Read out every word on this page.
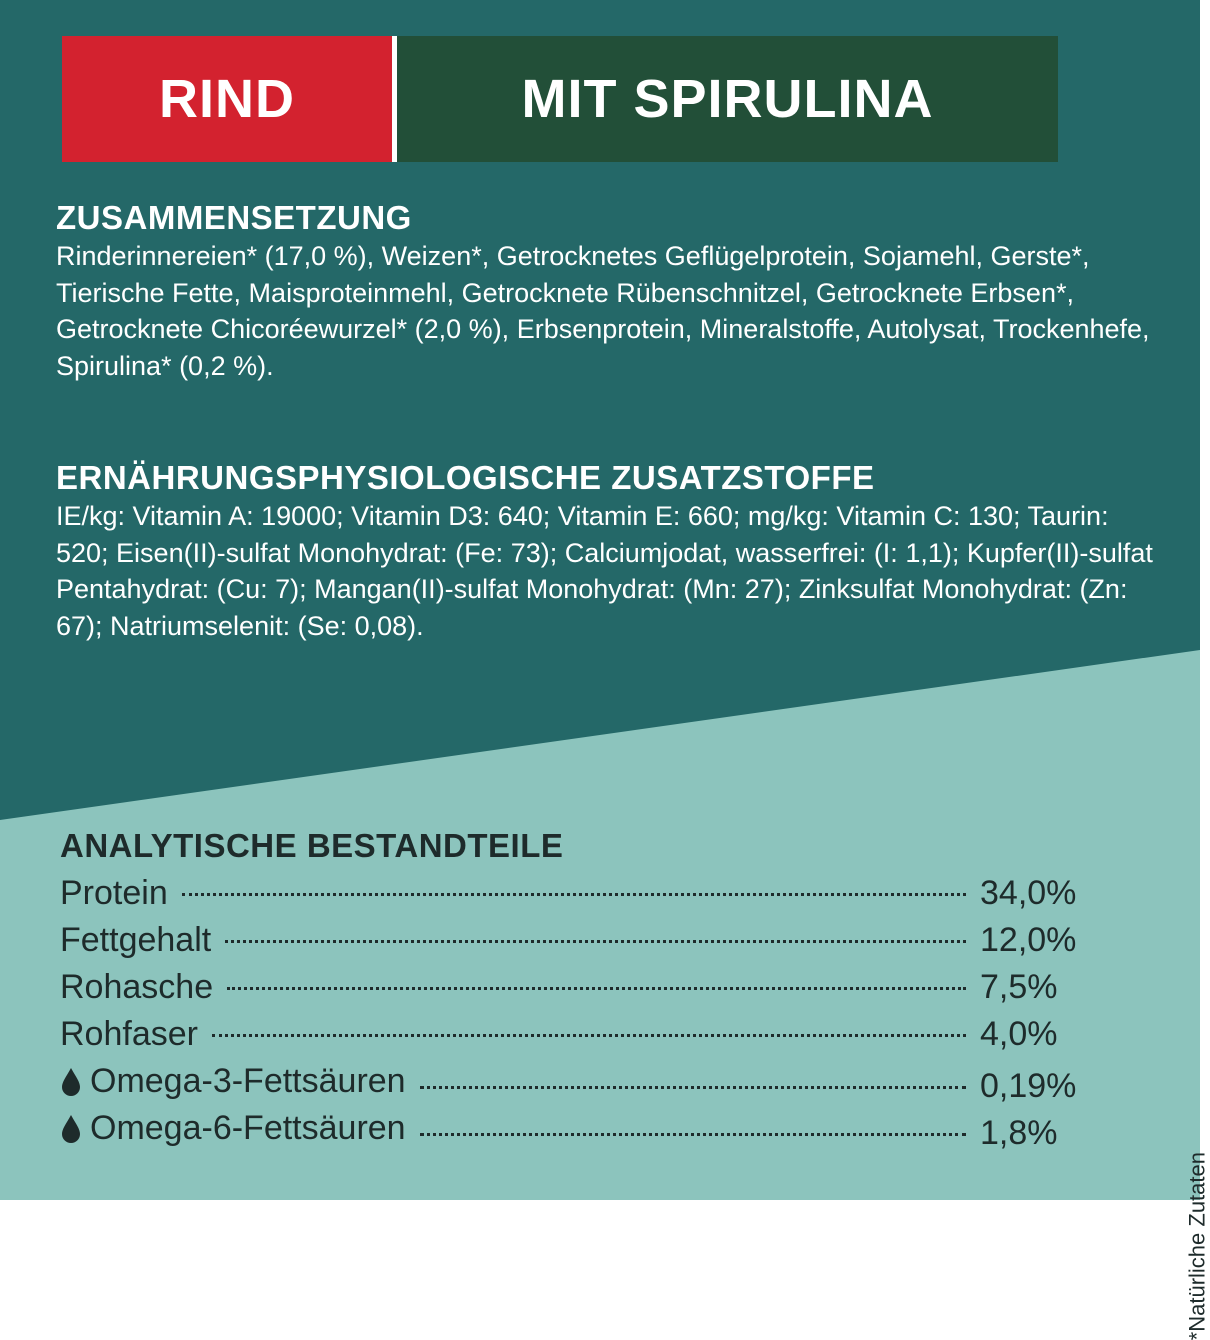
RIND	MIT SPIRULINA
ZUSAMMENSETZUNG

Rinderinnereien* (17,0 %), Weizen*, Getrocknetes Geflügelprotein, Sojamehl, Gerste*, Tierische Fette, Maisproteinmehl, Getrocknete Rübenschnitzel, Getrocknete Erbsen*, Getrocknete Chicoréewurzel* (2,0 %), Erbsenprotein, Mineralstoffe, Autolysat, Trockenhefe, Spirulina* (0,2 %).

ERNÄHRUNGSPHYSIOLOGISCHE ZUSATZSTOFFE

IE/kg: Vitamin A: 19000; Vitamin D3: 640; Vitamin E: 660; mg/kg: Vitamin C: 130; Taurin: 520; Eisen(II)-sulfat Monohydrat: (Fe: 73); Calciumjodat, wasserfrei: (I: 1,1); Kupfer(II)-sulfat Pentahydrat: (Cu: 7); Mangan(II)-sulfat Monohydrat: (Mn: 27); Zinksulfat Monohydrat: (Zn: 67); Natriumselenit: (Se: 0,08).

ANALYTISCHE BESTANDTEILE
Protein	34,0%
Fettgehalt	12,0%
Rohasche	7,5%
Rohfaser	4,0%
Omega-3-Fettsäuren	0,19%
Omega-6-Fettsäuren	1,8%
*Natürliche Zutaten
